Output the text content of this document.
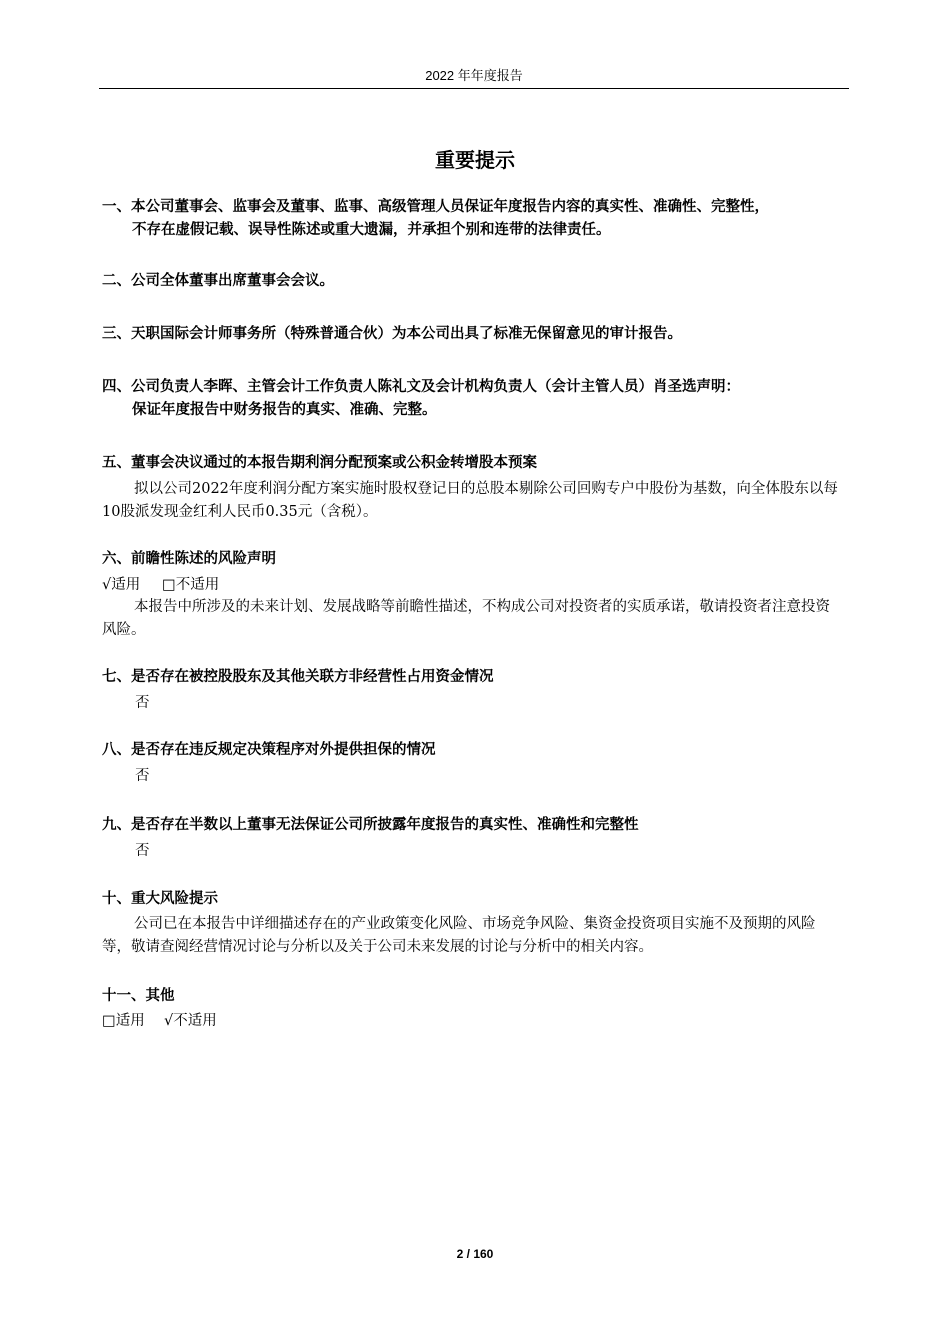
2022 年年度报告
重要提示
一、本公司董事会、监事会及董事、监事、高级管理人员保证年度报告内容的真实性、准确性、完整性，
不存在虚假记载、误导性陈述或重大遗漏，并承担个别和连带的法律责任。
二、公司全体董事出席董事会会议。
三、天职国际会计师事务所（特殊普通合伙）为本公司出具了标准无保留意见的审计报告。
四、公司负责人李晖、主管会计工作负责人陈礼文及会计机构负责人（会计主管人员）肖圣选声明：
保证年度报告中财务报告的真实、准确、完整。
五、董事会决议通过的本报告期利润分配预案或公积金转增股本预案
拟以公司2022年度利润分配方案实施时股权登记日的总股本剔除公司回购专户中股份为基数，向全体股东以每10股派发现金红利人民币0.35元（含税）。
六、前瞻性陈述的风险声明
√适用 □不适用
本报告中所涉及的未来计划、发展战略等前瞻性描述，不构成公司对投资者的实质承诺，敬请投资者注意投资风险。
七、是否存在被控股股东及其他关联方非经营性占用资金情况
否
八、是否存在违反规定决策程序对外提供担保的情况
否
九、是否存在半数以上董事无法保证公司所披露年度报告的真实性、准确性和完整性
否
十、重大风险提示
公司已在本报告中详细描述存在的产业政策变化风险、市场竞争风险、集资金投资项目实施不及预期的风险等，敬请查阅经营情况讨论与分析以及关于公司未来发展的讨论与分析中的相关内容。
十一、其他
□适用 √不适用
2 / 160
